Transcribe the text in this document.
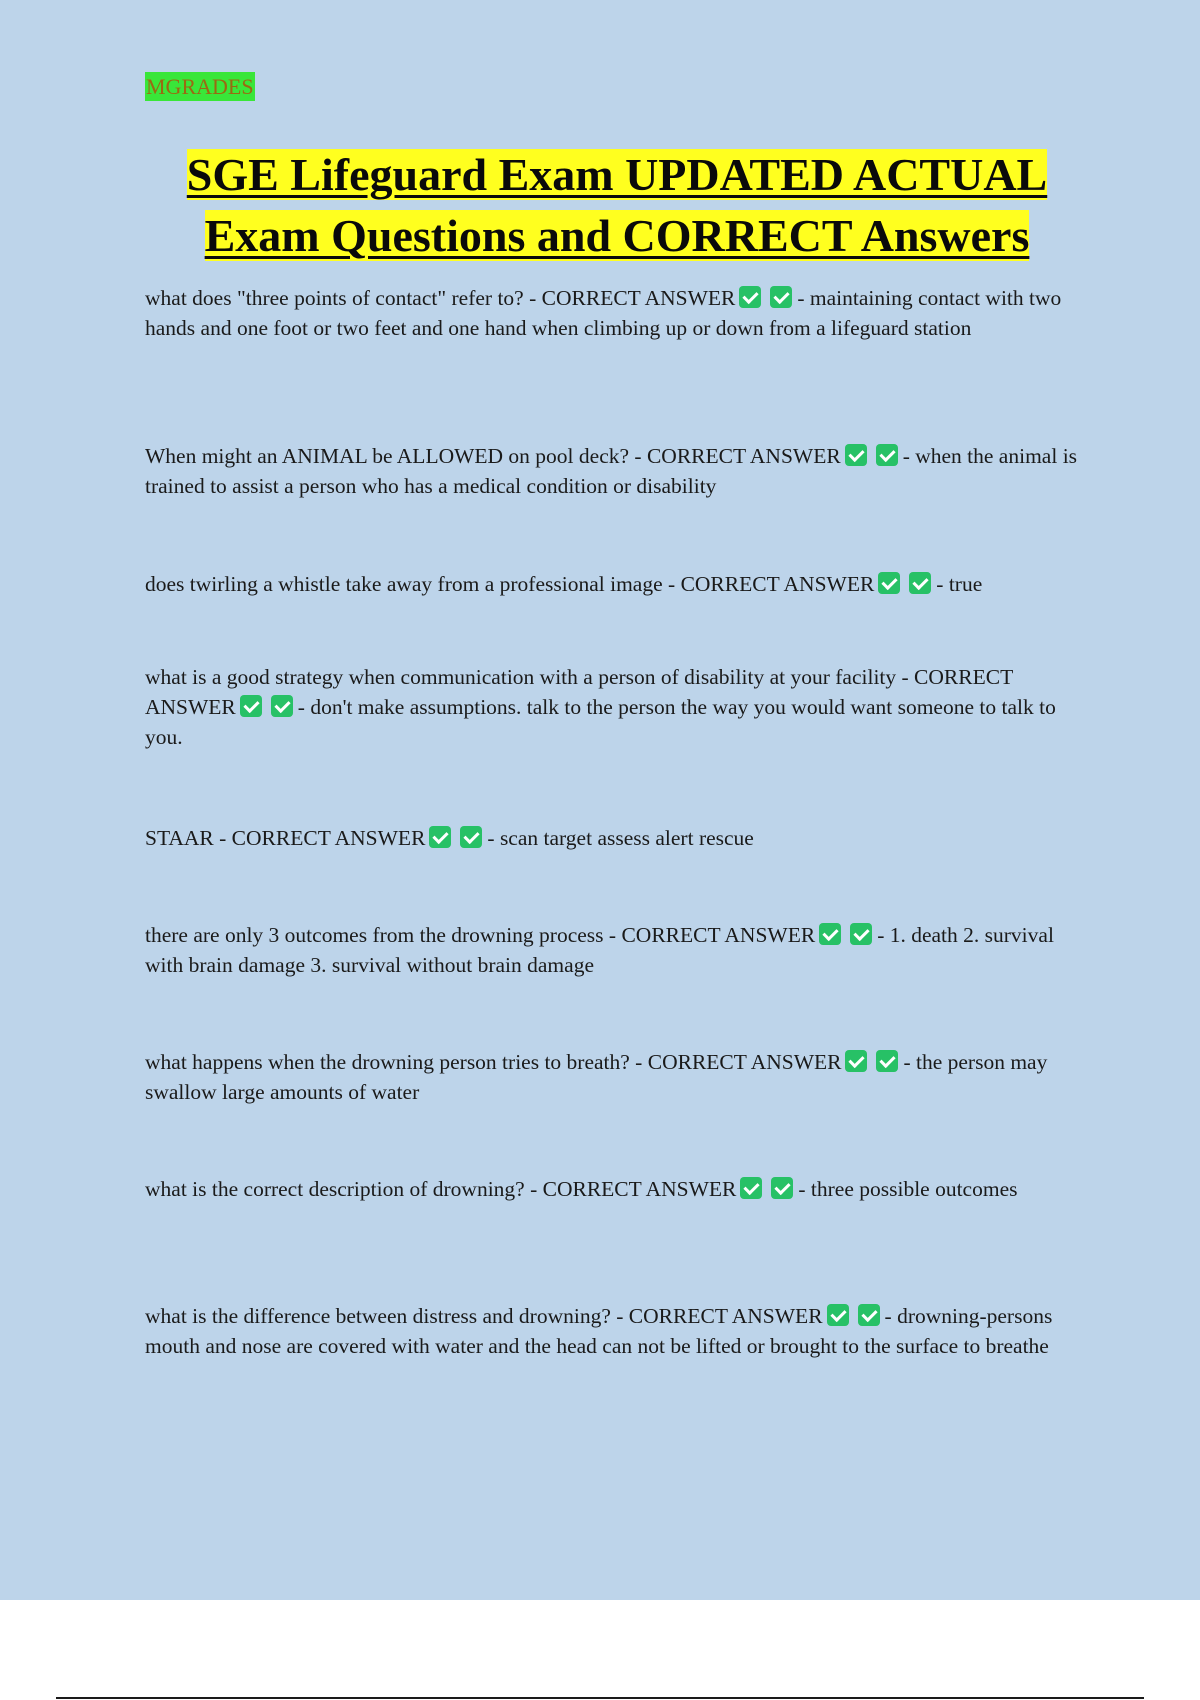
MGRADES
SGE Lifeguard Exam UPDATED ACTUAL
Exam Questions and CORRECT Answers

what does "three points of contact" refer to? - CORRECT ANSWER	- maintaining contact with two hands and one foot or two feet and one hand when climbing up or down from a lifeguard station

When might an ANIMAL be ALLOWED on pool deck? - CORRECT ANSWER	- when the animal is trained to assist a person who has a medical condition or disability

does twirling a whistle take away from a professional image - CORRECT ANSWER	- true

what is a good strategy when communication with a person of disability at your facility - CORRECT ANSWER	- don't make assumptions. talk to the person the way you would want someone to talk to you.

STAAR - CORRECT ANSWER	- scan target assess alert rescue

there are only 3 outcomes from the drowning process - CORRECT ANSWER	- 1. death 2. survival with brain damage 3. survival without brain damage

what happens when the drowning person tries to breath? - CORRECT ANSWER	- the person may swallow large amounts of water

what is the correct description of drowning? - CORRECT ANSWER	- three possible outcomes

what is the difference between distress and drowning? - CORRECT ANSWER	- drowning-persons mouth and nose are covered with water and the head can not be lifted or brought to the surface to breathe
